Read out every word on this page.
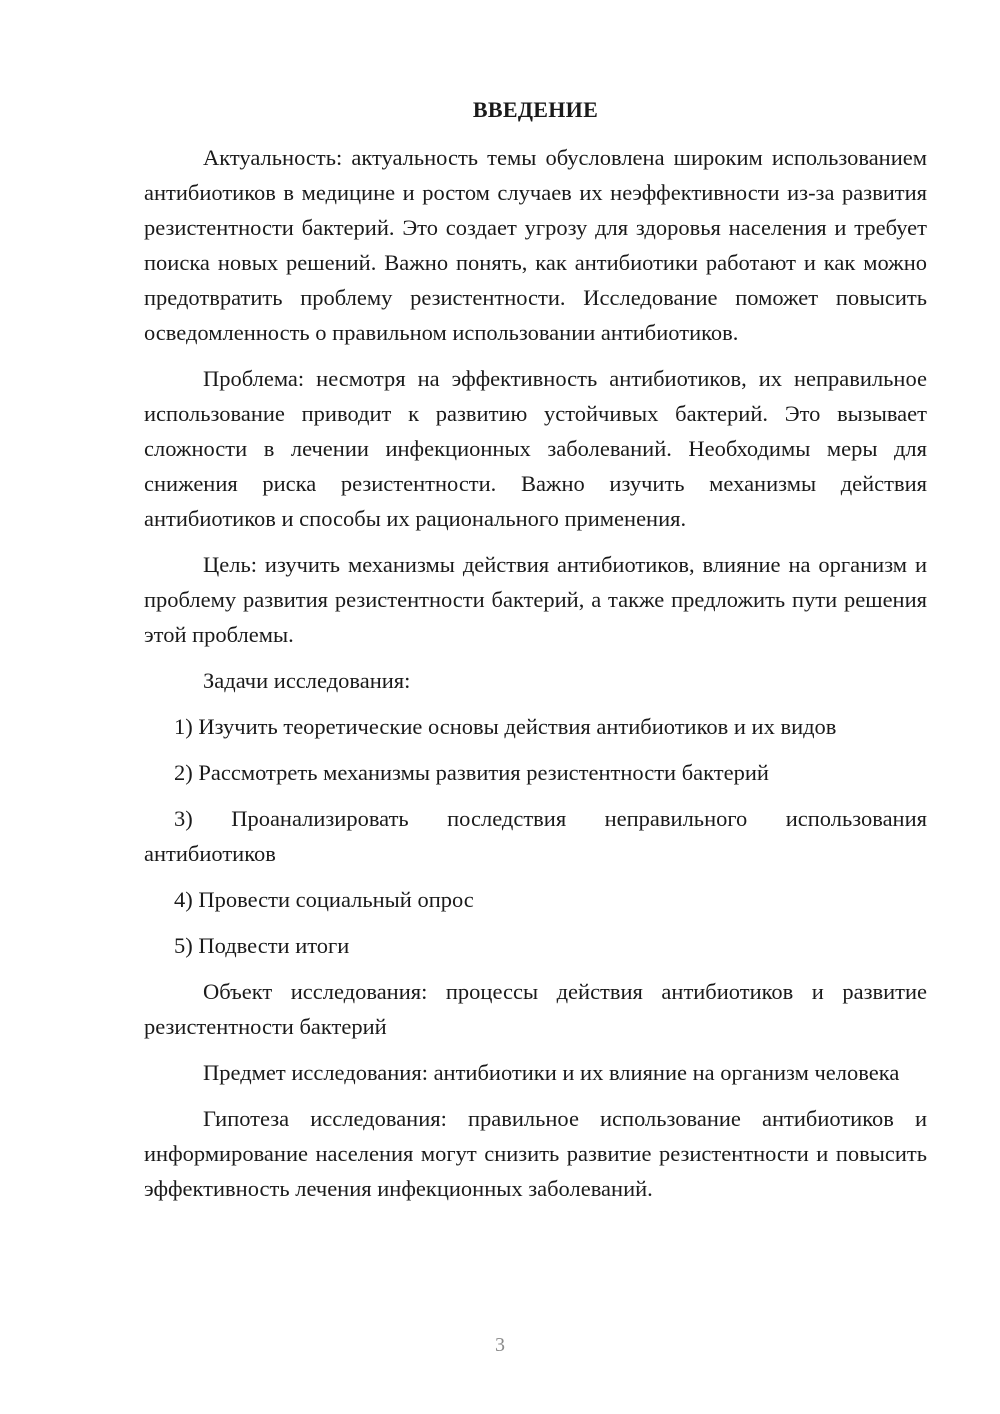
ВВЕДЕНИЕ

Актуальность: актуальность темы обусловлена широким использованием антибиотиков в медицине и ростом случаев их неэффективности из-за развития резистентности бактерий. Это создает угрозу для здоровья населения и требует поиска новых решений. Важно понять, как антибиотики работают и как можно предотвратить проблему резистентности. Исследование поможет повысить осведомленность о правильном использовании антибиотиков.

Проблема: несмотря на эффективность антибиотиков, их неправильное использование приводит к развитию устойчивых бактерий. Это вызывает сложности в лечении инфекционных заболеваний. Необходимы меры для снижения риска резистентности. Важно изучить механизмы действия антибиотиков и способы их рационального применения.

Цель: изучить механизмы действия антибиотиков, влияние на организм и проблему развития резистентности бактерий, а также предложить пути решения этой проблемы.

Задачи исследования:

1) Изучить теоретические основы действия антибиотиков и их видов

2) Рассмотреть механизмы развития резистентности бактерий

3) Проанализировать последствия неправильного использования антибиотиков

4) Провести социальный опрос

5) Подвести итоги

Объект исследования: процессы действия антибиотиков и развитие резистентности бактерий

Предмет исследования: антибиотики и их влияние на организм человека

Гипотеза исследования: правильное использование антибиотиков и информирование населения могут снизить развитие резистентности и повысить эффективность лечения инфекционных заболеваний.

3
